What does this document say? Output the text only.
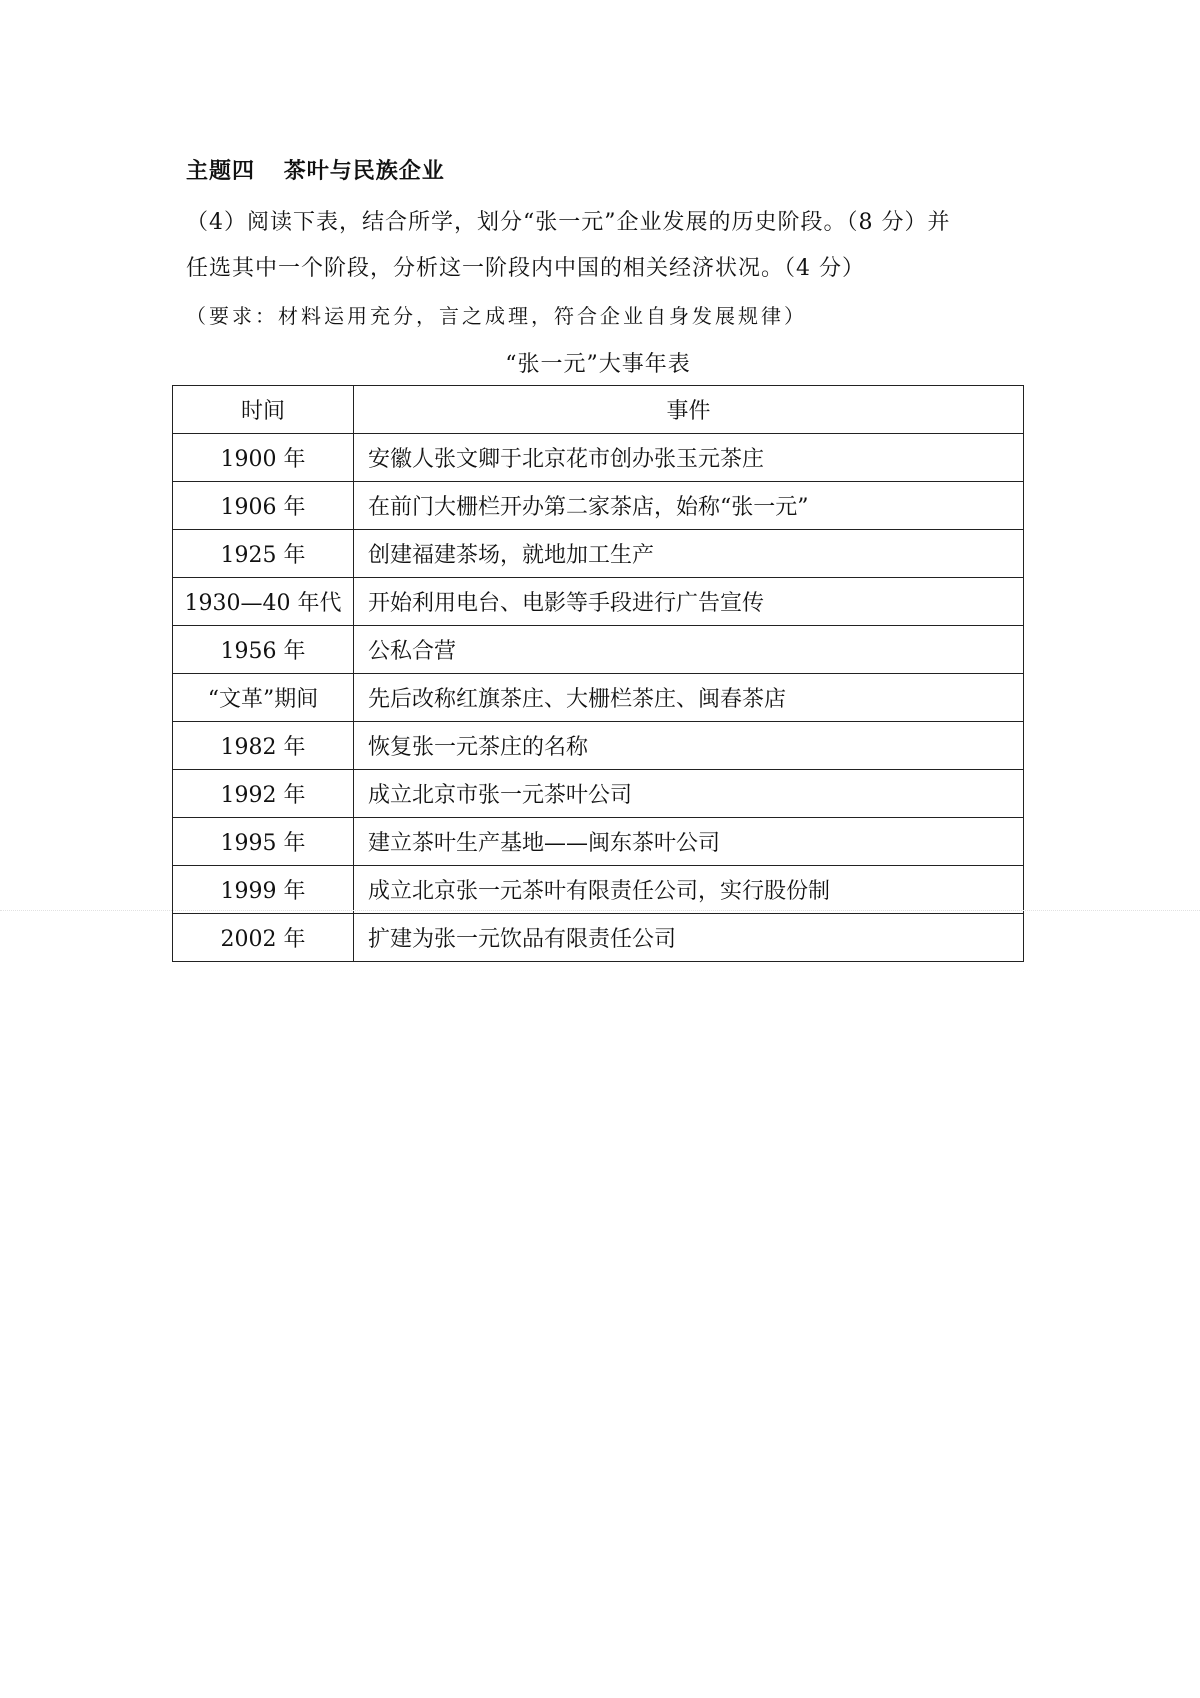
主题四 茶叶与民族企业
（4）阅读下表，结合所学，划分“张一元”企业发展的历史阶段。（8 分）并
任选其中一个阶段，分析这一阶段内中国的相关经济状况。（4 分）
（要求：材料运用充分，言之成理，符合企业自身发展规律）
“张一元”大事年表
时间	事件
1900 年	安徽人张文卿于北京花市创办张玉元茶庄
1906 年	在前门大栅栏开办第二家茶店，始称“张一元”
1925 年	创建福建茶场，就地加工生产
1930—40 年代	开始利用电台、电影等手段进行广告宣传
1956 年	公私合营
“文革”期间	先后改称红旗茶庄、大栅栏茶庄、闽春茶店
1982 年	恢复张一元茶庄的名称
1992 年	成立北京市张一元茶叶公司
1995 年	建立茶叶生产基地——闽东茶叶公司
1999 年	成立北京张一元茶叶有限责任公司，实行股份制
2002 年	扩建为张一元饮品有限责任公司
